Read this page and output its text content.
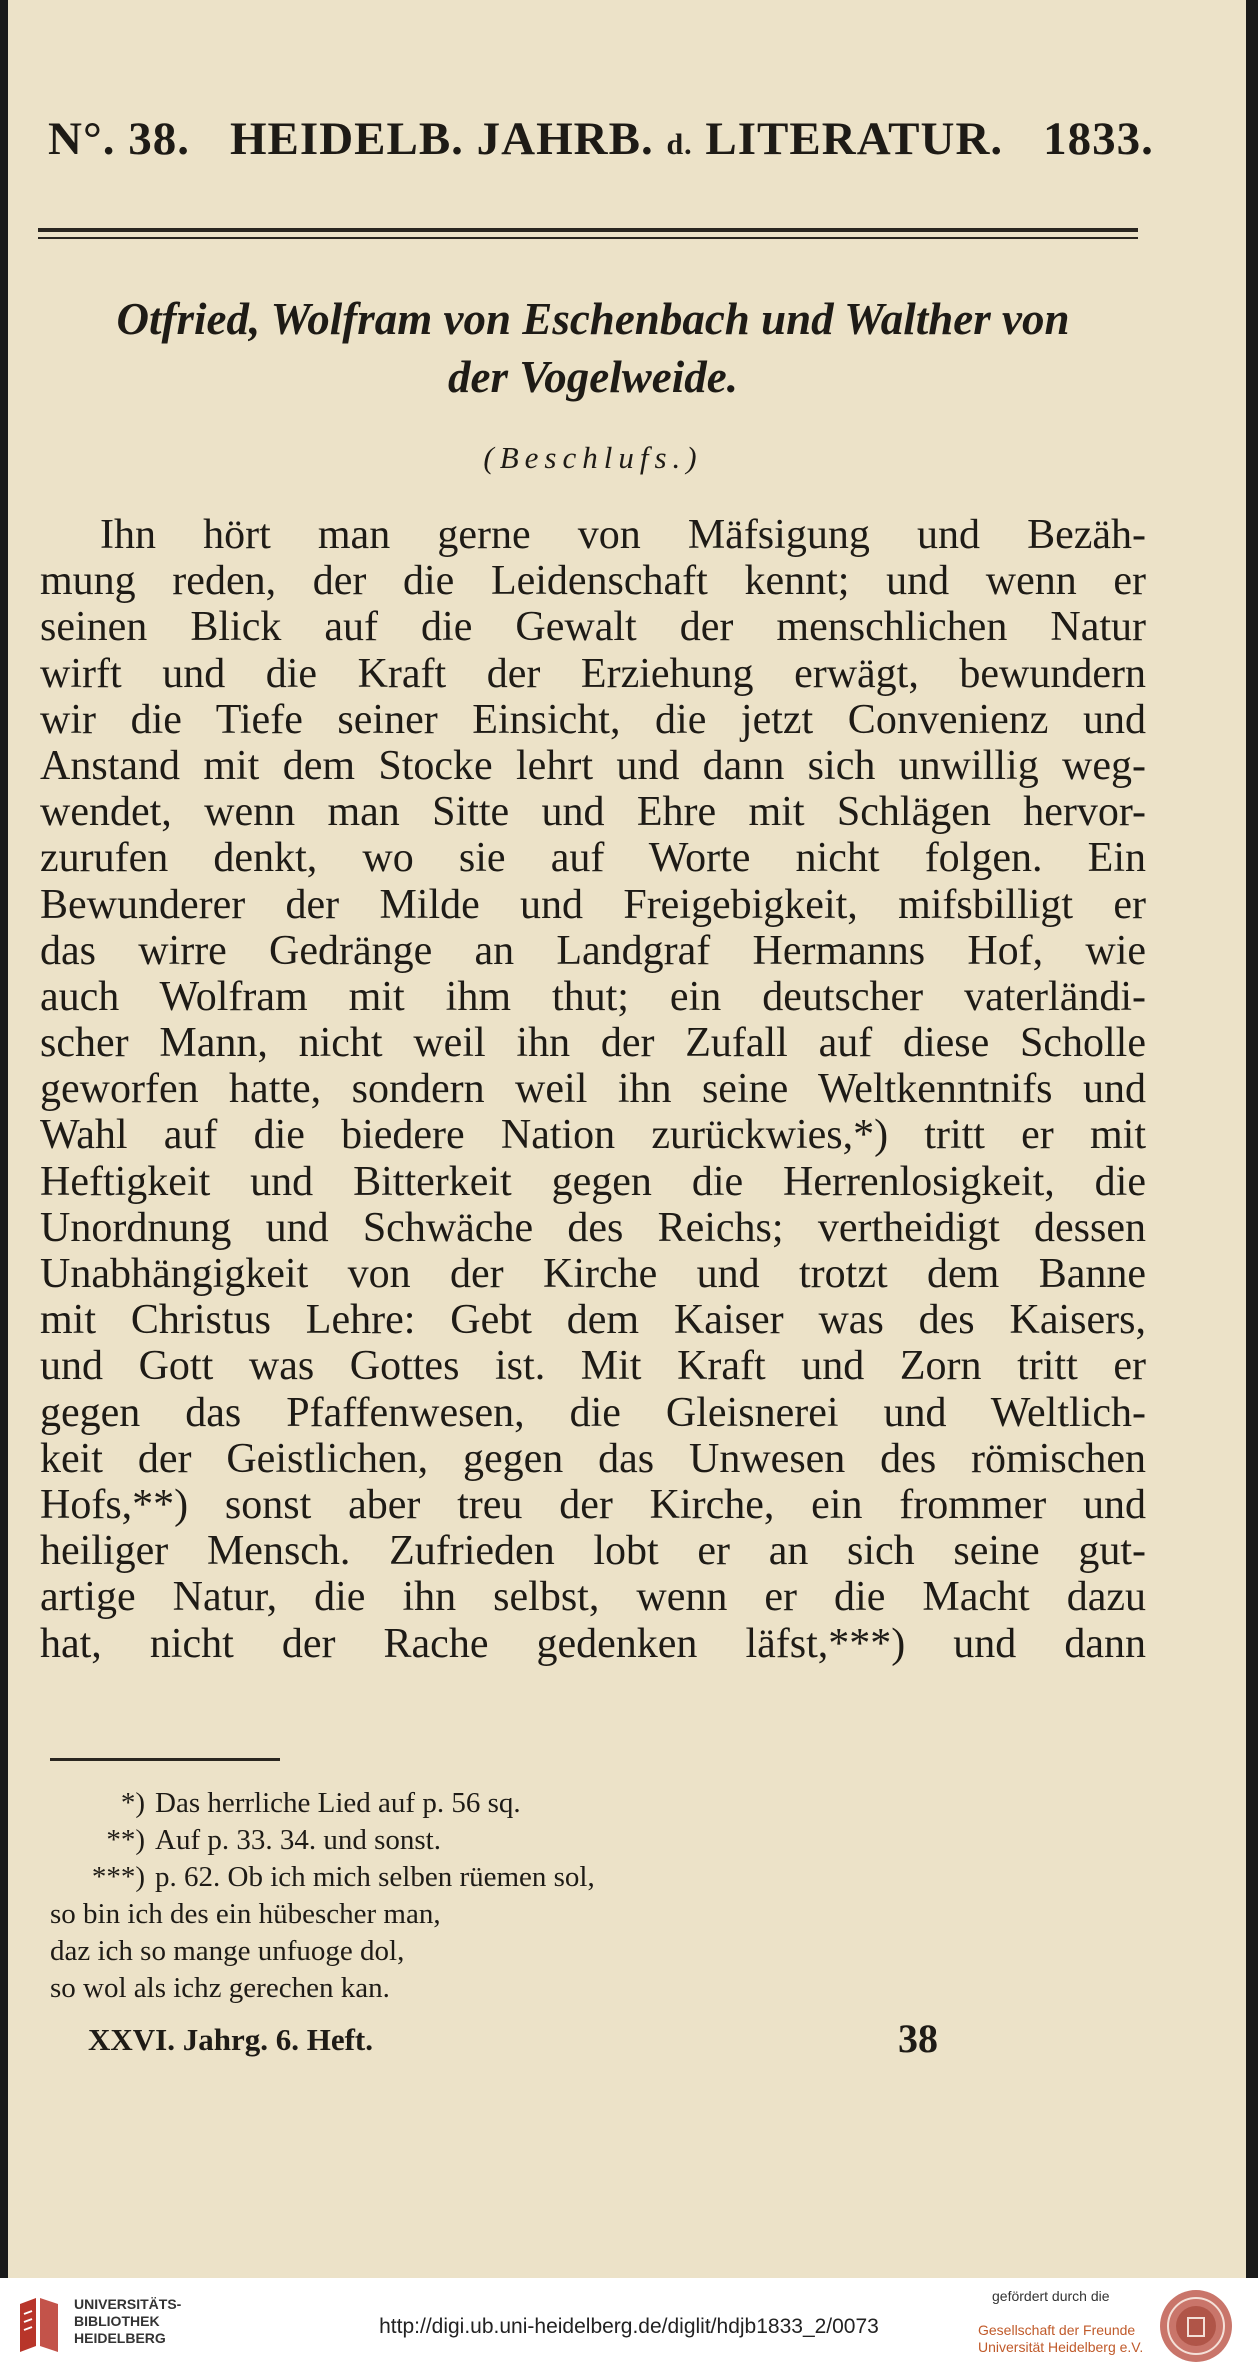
N°. 38. HEIDELB. JAHRB. d. LITERATUR. 1833.
Otfried, Wolfram von Eschenbach und Walther von
der Vogelweide.
(Beschlufs.)
Ihn hört man gerne von Mäfsigung und Bezäh-
mung reden, der die Leidenschaft kennt; und wenn er
seinen Blick auf die Gewalt der menschlichen Natur
wirft und die Kraft der Erziehung erwägt, bewundern
wir die Tiefe seiner Einsicht, die jetzt Convenienz und
Anstand mit dem Stocke lehrt und dann sich unwillig weg-
wendet, wenn man Sitte und Ehre mit Schlägen hervor-
zurufen denkt, wo sie auf Worte nicht folgen. Ein
Bewunderer der Milde und Freigebigkeit, mifsbilligt er
das wirre Gedränge an Landgraf Hermanns Hof, wie
auch Wolfram mit ihm thut; ein deutscher vaterländi-
scher Mann, nicht weil ihn der Zufall auf diese Scholle
geworfen hatte, sondern weil ihn seine Weltkenntnifs und
Wahl auf die biedere Nation zurückwies,*) tritt er mit
Heftigkeit und Bitterkeit gegen die Herrenlosigkeit, die
Unordnung und Schwäche des Reichs; vertheidigt dessen
Unabhängigkeit von der Kirche und trotzt dem Banne
mit Christus Lehre: Gebt dem Kaiser was des Kaisers,
und Gott was Gottes ist. Mit Kraft und Zorn tritt er
gegen das Pfaffenwesen, die Gleisnerei und Weltlich-
keit der Geistlichen, gegen das Unwesen des römischen
Hofs,**) sonst aber treu der Kirche, ein frommer und
heiliger Mensch. Zufrieden lobt er an sich seine gut-
artige Natur, die ihn selbst, wenn er die Macht dazu
hat, nicht der Rache gedenken läfst,***) und dann
*) Das herrliche Lied auf p. 56 sq.
**) Auf p. 33. 34. und sonst.
***) p. 62. Ob ich mich selben rüemen sol,
so bin ich des ein hübescher man,
daz ich so mange unfuoge dol,
so wol als ichz gerechen kan.
XXVI. Jahrg. 6. Heft.	38
UNIVERSITÄTS-
BIBLIOTHEK
HEIDELBERG	http://digi.ub.uni-heidelberg.de/diglit/hdjb1833_2/0073
gefördert durch die
Gesellschaft der Freunde
Universität Heidelberg e.V.
